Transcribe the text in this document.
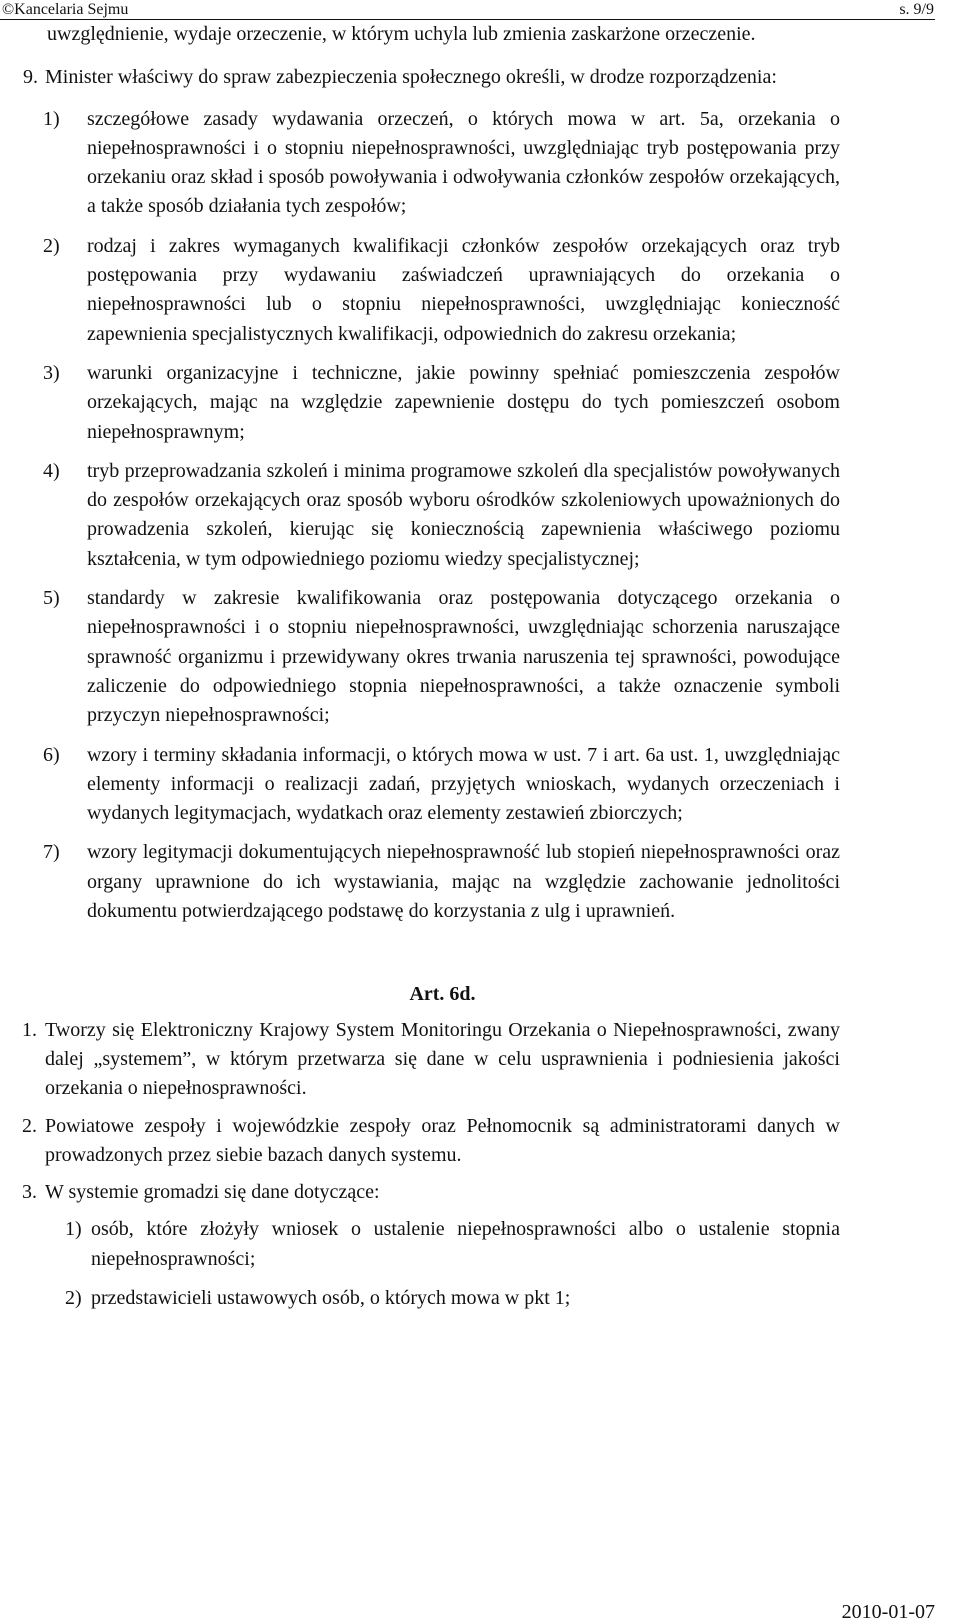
©Kancelaria Sejmu	s. 9/9

uwzględnienie, wydaje orzeczenie, w którym uchyla lub zmienia zaskarżone orzeczenie.

9. Minister właściwy do spraw zabezpieczenia społecznego określi, w drodze rozporządzenia:

1) szczegółowe zasady wydawania orzeczeń, o których mowa w art. 5a, orzekania o niepełnosprawności i o stopniu niepełnosprawności, uwzględniając tryb postępowania przy orzekaniu oraz skład i sposób powoływania i odwoływania członków zespołów orzekających, a także sposób działania tych zespołów;

2) rodzaj i zakres wymaganych kwalifikacji członków zespołów orzekających oraz tryb postępowania przy wydawaniu zaświadczeń uprawniających do orzekania o niepełnosprawności lub o stopniu niepełnosprawności, uwzględniając konieczność zapewnienia specjalistycznych kwalifikacji, odpowiednich do zakresu orzekania;

3) warunki organizacyjne i techniczne, jakie powinny spełniać pomieszczenia zespołów orzekających, mając na względzie zapewnienie dostępu do tych pomieszczeń osobom niepełnosprawnym;

4) tryb przeprowadzania szkoleń i minima programowe szkoleń dla specjalistów powoływanych do zespołów orzekających oraz sposób wyboru ośrodków szkoleniowych upoważnionych do prowadzenia szkoleń, kierując się koniecznością zapewnienia właściwego poziomu kształcenia, w tym odpowiedniego poziomu wiedzy specjalistycznej;

5) standardy w zakresie kwalifikowania oraz postępowania dotyczącego orzekania o niepełnosprawności i o stopniu niepełnosprawności, uwzględniając schorzenia naruszające sprawność organizmu i przewidywany okres trwania naruszenia tej sprawności, powodujące zaliczenie do odpowiedniego stopnia niepełnosprawności, a także oznaczenie symboli przyczyn niepełnosprawności;

6) wzory i terminy składania informacji, o których mowa w ust. 7 i art. 6a ust. 1, uwzględniając elementy informacji o realizacji zadań, przyjętych wnioskach, wydanych orzeczeniach i wydanych legitymacjach, wydatkach oraz elementy zestawień zbiorczych;

7) wzory legitymacji dokumentujących niepełnosprawność lub stopień niepełnosprawności oraz organy uprawnione do ich wystawiania, mając na względzie zachowanie jednolitości dokumentu potwierdzającego podstawę do korzystania z ulg i uprawnień.

Art. 6d.

1. Tworzy się Elektroniczny Krajowy System Monitoringu Orzekania o Niepełnosprawności, zwany dalej „systemem”, w którym przetwarza się dane w celu usprawnienia i podniesienia jakości orzekania o niepełnosprawności.

2. Powiatowe zespoły i wojewódzkie zespoły oraz Pełnomocnik są administratorami danych w prowadzonych przez siebie bazach danych systemu.

3. W systemie gromadzi się dane dotyczące:

1) osób, które złożyły wniosek o ustalenie niepełnosprawności albo o ustalenie stopnia niepełnosprawności;

2) przedstawicieli ustawowych osób, o których mowa w pkt 1;

2010-01-07
